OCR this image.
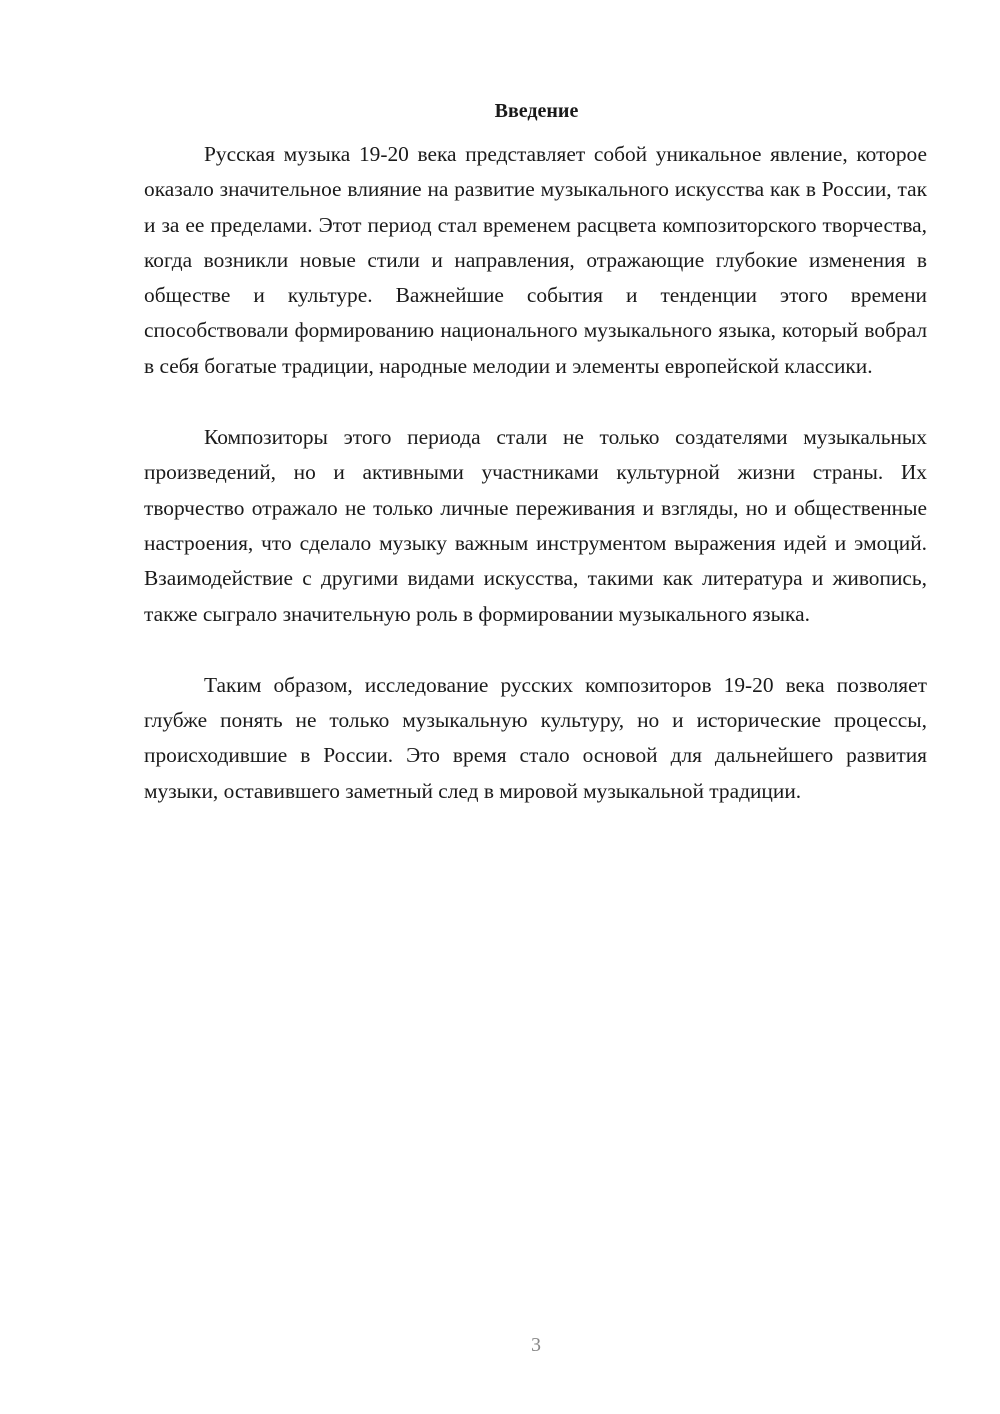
Введение

Русская музыка 19-20 века представляет собой уникальное явление, которое оказало значительное влияние на развитие музыкального искусства как в России, так и за ее пределами. Этот период стал временем расцвета композиторского творчества, когда возникли новые стили и направления, отражающие глубокие изменения в обществе и культуре. Важнейшие события и тенденции этого времени способствовали формированию национального музыкального языка, который вобрал в себя богатые традиции, народные мелодии и элементы европейской классики.

Композиторы этого периода стали не только создателями музыкальных произведений, но и активными участниками культурной жизни страны. Их творчество отражало не только личные переживания и взгляды, но и общественные настроения, что сделало музыку важным инструментом выражения идей и эмоций. Взаимодействие с другими видами искусства, такими как литература и живопись, также сыграло значительную роль в формировании музыкального языка.

Таким образом, исследование русских композиторов 19-20 века позволяет глубже понять не только музыкальную культуру, но и исторические процессы, происходившие в России. Это время стало основой для дальнейшего развития музыки, оставившего заметный след в мировой музыкальной традиции.

3
